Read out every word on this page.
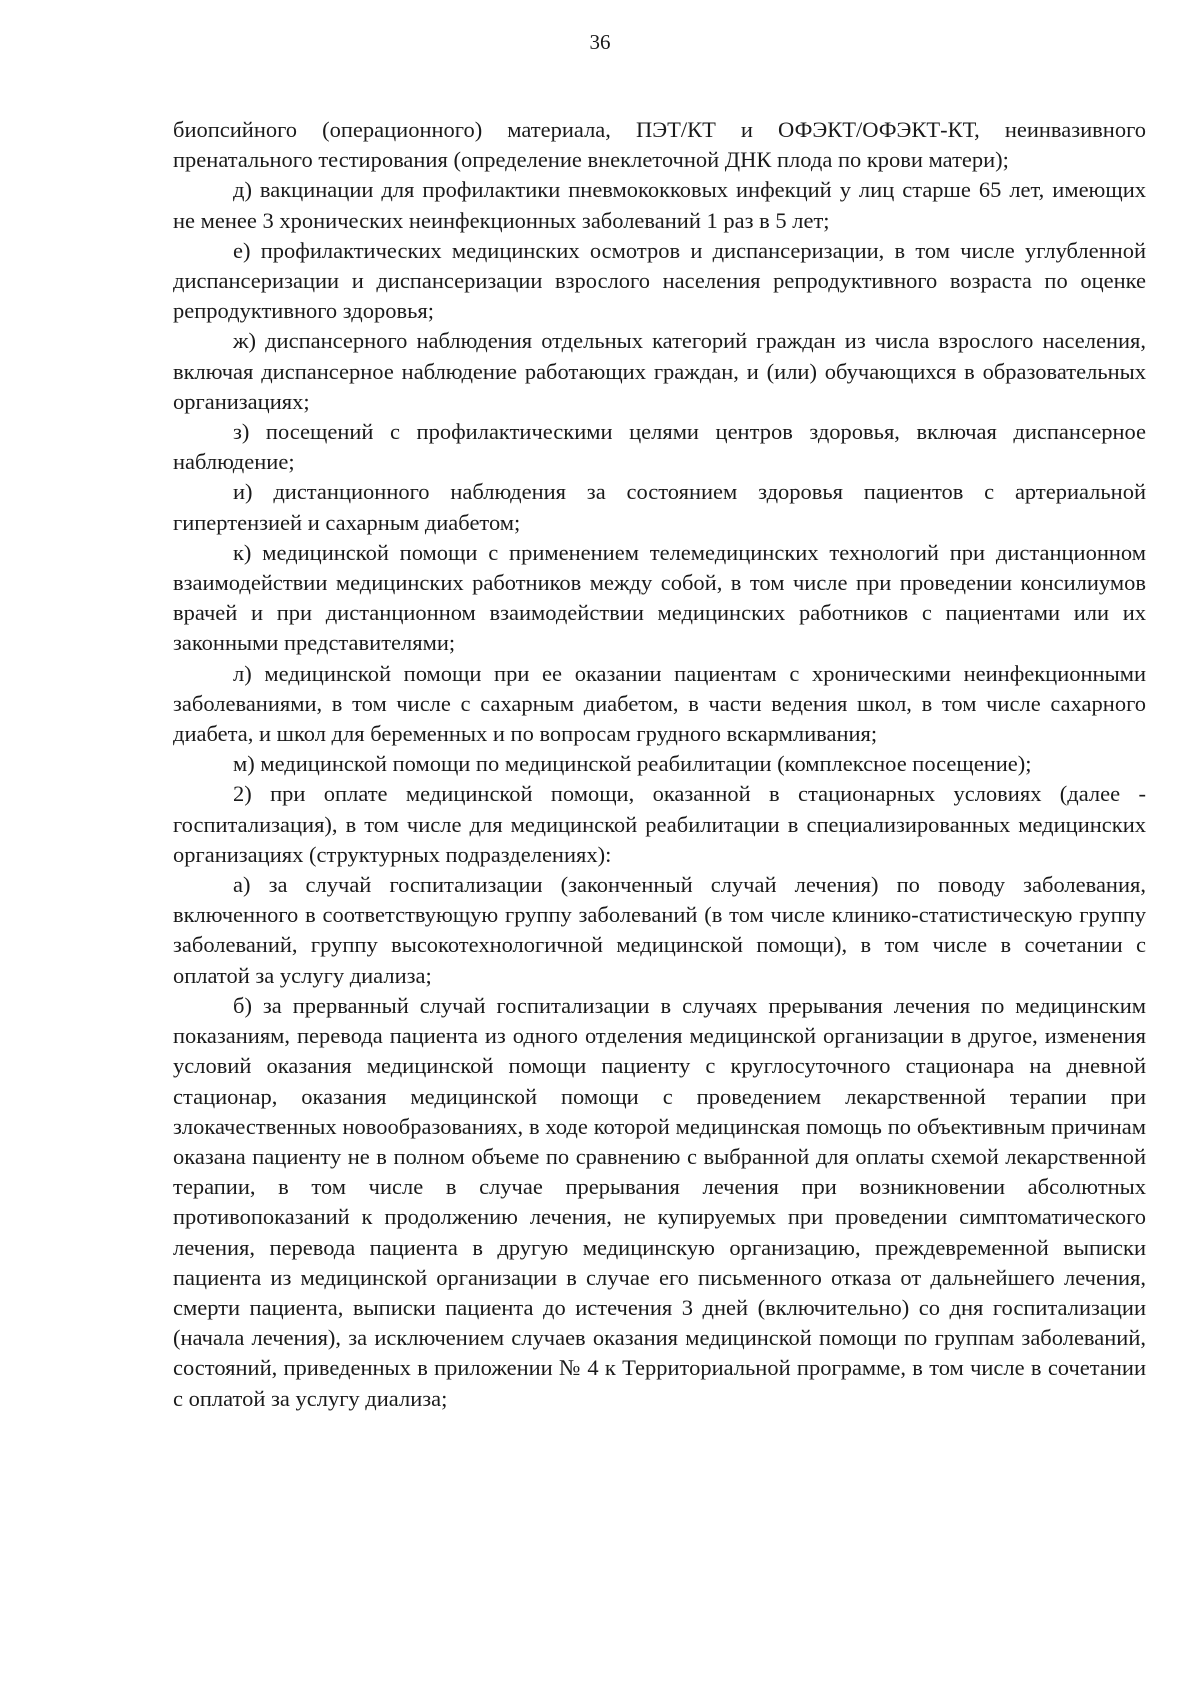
36

биопсийного (операционного) материала, ПЭТ/КТ и ОФЭКТ/ОФЭКТ-КТ, неинвазивного пренатального тестирования (определение внеклеточной ДНК плода по крови матери);

д) вакцинации для профилактики пневмококковых инфекций у лиц старше 65 лет, имеющих не менее 3 хронических неинфекционных заболеваний 1 раз в 5 лет;

е) профилактических медицинских осмотров и диспансеризации, в том числе углубленной диспансеризации и диспансеризации взрослого населения репродуктивного возраста по оценке репродуктивного здоровья;

ж) диспансерного наблюдения отдельных категорий граждан из числа взрослого населения, включая диспансерное наблюдение работающих граждан, и (или) обучающихся в образовательных организациях;

з) посещений с профилактическими целями центров здоровья, включая диспансерное наблюдение;

и) дистанционного наблюдения за состоянием здоровья пациентов с артериальной гипертензией и сахарным диабетом;

к) медицинской помощи с применением телемедицинских технологий при дистанционном взаимодействии медицинских работников между собой, в том числе при проведении консилиумов врачей и при дистанционном взаимодействии медицинских работников с пациентами или их законными представителями;

л) медицинской помощи при ее оказании пациентам с хроническими неинфекционными заболеваниями, в том числе с сахарным диабетом, в части ведения школ, в том числе сахарного диабета, и школ для беременных и по вопросам грудного вскармливания;

м) медицинской помощи по медицинской реабилитации (комплексное посещение);

2) при оплате медицинской помощи, оказанной в стационарных условиях (далее - госпитализация), в том числе для медицинской реабилитации в специализированных медицинских организациях (структурных подразделениях):

а) за случай госпитализации (законченный случай лечения) по поводу заболевания, включенного в соответствующую группу заболеваний (в том числе клинико-статистическую группу заболеваний, группу высокотехнологичной медицинской помощи), в том числе в сочетании с оплатой за услугу диализа;

б) за прерванный случай госпитализации в случаях прерывания лечения по медицинским показаниям, перевода пациента из одного отделения медицинской организации в другое, изменения условий оказания медицинской помощи пациенту с круглосуточного стационара на дневной стационар, оказания медицинской помощи с проведением лекарственной терапии при злокачественных новообразованиях, в ходе которой медицинская помощь по объективным причинам оказана пациенту не в полном объеме по сравнению с выбранной для оплаты схемой лекарственной терапии, в том числе в случае прерывания лечения при возникновении абсолютных противопоказаний к продолжению лечения, не купируемых при проведении симптоматического лечения, перевода пациента в другую медицинскую организацию, преждевременной выписки пациента из медицинской организации в случае его письменного отказа от дальнейшего лечения, смерти пациента, выписки пациента до истечения 3 дней (включительно) со дня госпитализации (начала лечения), за исключением случаев оказания медицинской помощи по группам заболеваний, состояний, приведенных в приложении № 4 к Территориальной программе, в том числе в сочетании с оплатой за услугу диализа;
